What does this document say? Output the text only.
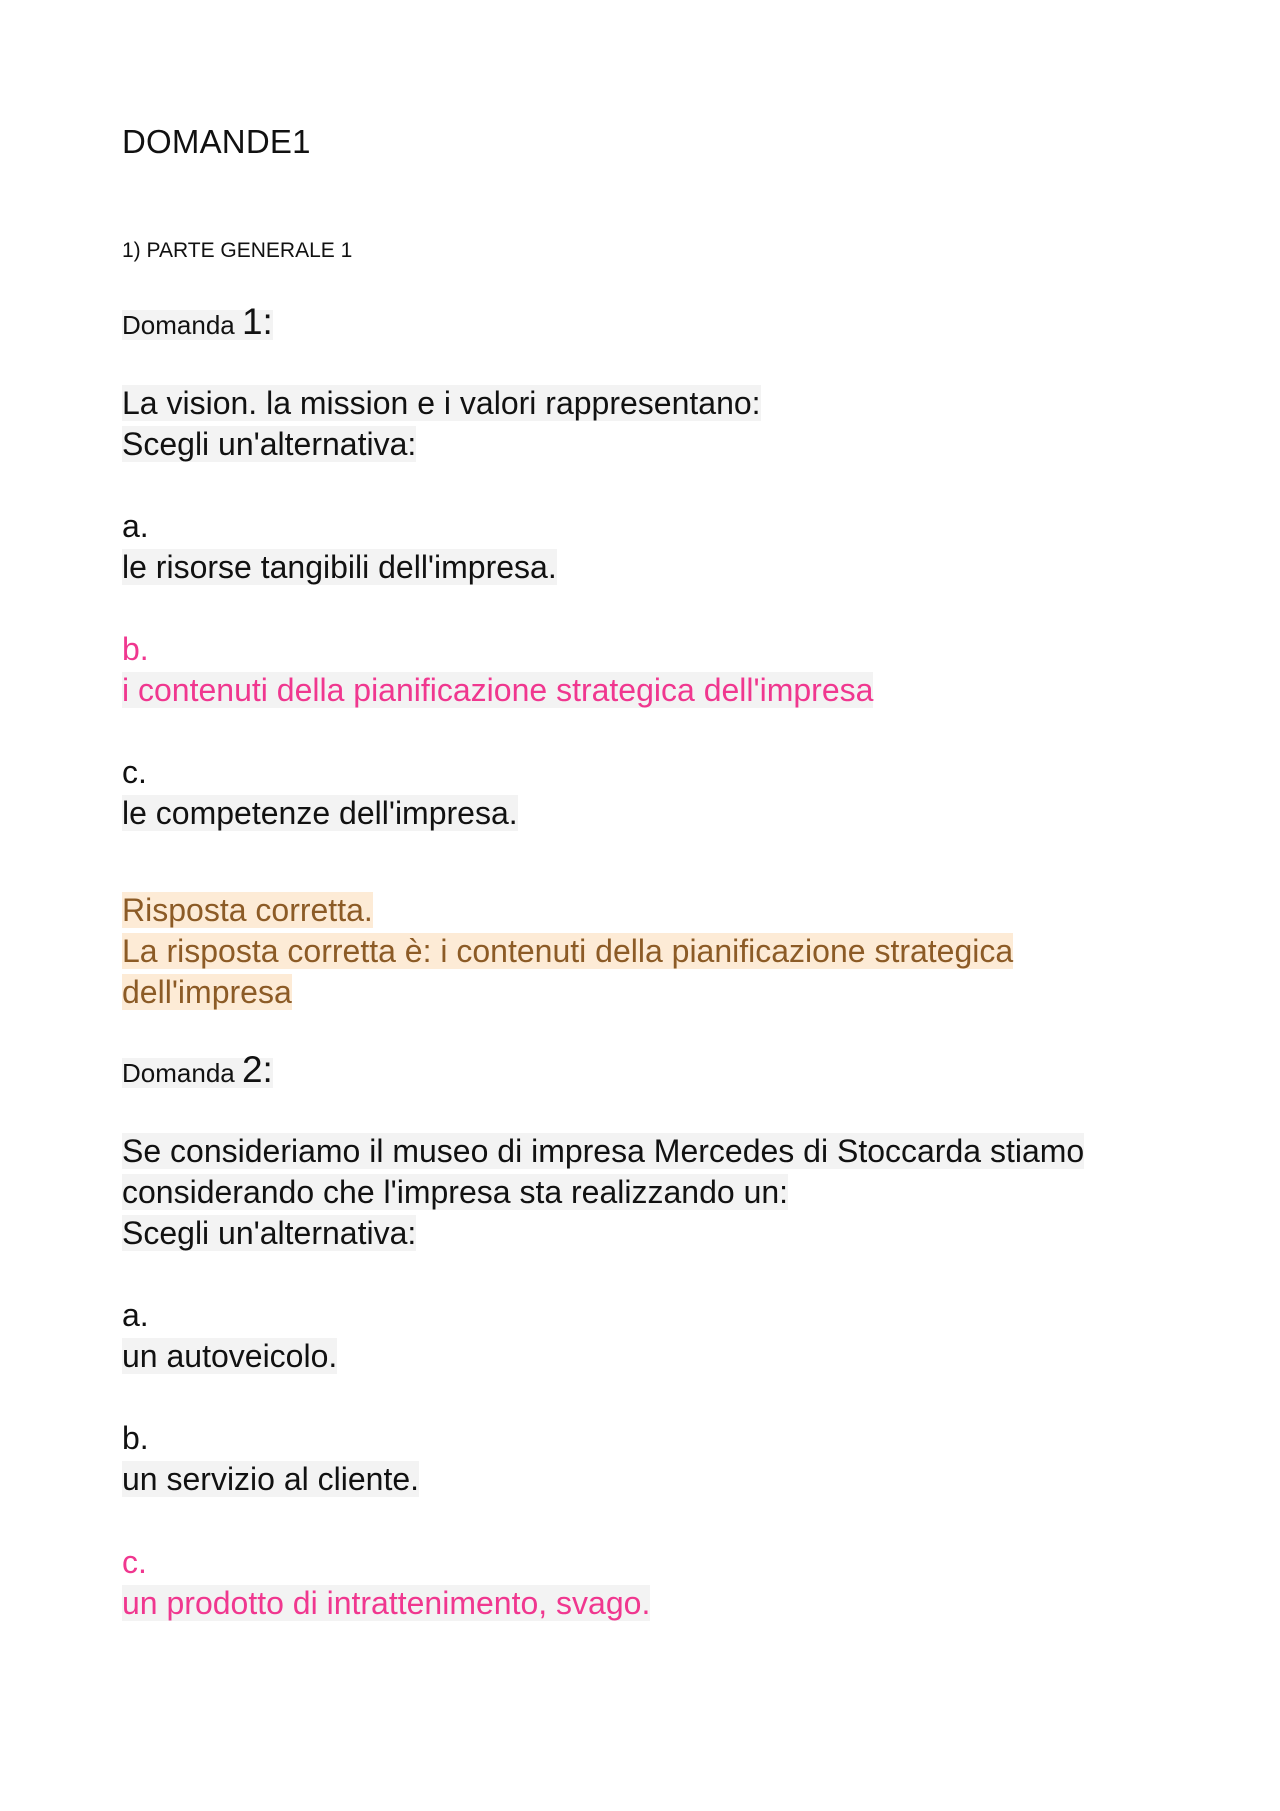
DOMANDE1
1) PARTE GENERALE 1
Domanda 1:
La vision. la mission e i valori rappresentano:
Scegli un'alternativa:
a.
le risorse tangibili dell'impresa.
b.
i contenuti della pianificazione strategica dell'impresa
c.
le competenze dell'impresa.
Risposta corretta.
La risposta corretta è: i contenuti della pianificazione strategica
dell'impresa
Domanda 2:
Se consideriamo il museo di impresa Mercedes di Stoccarda stiamo
considerando che l'impresa sta realizzando un:
Scegli un'alternativa:
a.
un autoveicolo.
b.
un servizio al cliente.
c.
un prodotto di intrattenimento, svago.
